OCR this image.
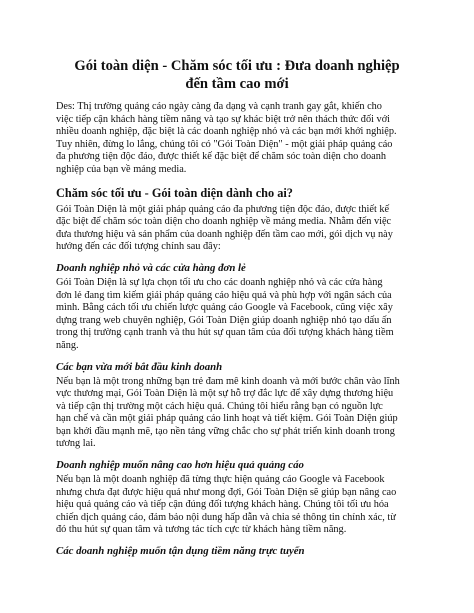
Gói toàn diện - Chăm sóc tối ưu : Đưa doanh nghiệp
đến tầm cao mới
Des: Thị trường quảng cáo ngày càng đa dạng và cạnh tranh gay gắt, khiến cho
việc tiếp cận khách hàng tiềm năng và tạo sự khác biệt trở nên thách thức đối với
nhiều doanh nghiệp, đặc biệt là các doanh nghiệp nhỏ và các bạn mới khởi nghiệp.
Tuy nhiên, đừng lo lắng, chúng tôi có "Gói Toàn Diện" - một giải pháp quảng cáo
đa phương tiện độc đáo, được thiết kế đặc biệt để chăm sóc toàn diện cho doanh
nghiệp của bạn về mảng media.
Chăm sóc tối ưu - Gói toàn diện dành cho ai?
Gói Toàn Diện là một giải pháp quảng cáo đa phương tiện độc đáo, được thiết kế
đặc biệt để chăm sóc toàn diện cho doanh nghiệp về mảng media. Nhằm đến việc
đưa thương hiệu và sản phẩm của doanh nghiệp đến tầm cao mới, gói dịch vụ này
hướng đến các đối tượng chính sau đây:
Doanh nghiệp nhỏ và các cửa hàng đơn lẻ
Gói Toàn Diện là sự lựa chọn tối ưu cho các doanh nghiệp nhỏ và các cửa hàng
đơn lẻ đang tìm kiếm giải pháp quảng cáo hiệu quả và phù hợp với ngân sách của
mình. Bằng cách tối ưu chiến lược quảng cáo Google và Facebook, cũng việc xây
dựng trang web chuyên nghiệp, Gói Toàn Diện giúp doanh nghiệp nhỏ tạo dấu ấn
trong thị trường cạnh tranh và thu hút sự quan tâm của đối tượng khách hàng tiềm
năng.
Các bạn vừa mới bắt đầu kinh doanh
Nếu bạn là một trong những bạn trẻ đam mê kinh doanh và mới bước chân vào lĩnh
vực thương mại, Gói Toàn Diện là một sự hỗ trợ đắc lực để xây dựng thương hiệu
và tiếp cận thị trường một cách hiệu quả. Chúng tôi hiểu rằng bạn có nguồn lực
hạn chế và cần một giải pháp quảng cáo linh hoạt và tiết kiệm. Gói Toàn Diện giúp
bạn khởi đầu mạnh mẽ, tạo nền tảng vững chắc cho sự phát triển kinh doanh trong
tương lai.
Doanh nghiệp muốn nâng cao hơn hiệu quả quảng cáo
Nếu bạn là một doanh nghiệp đã từng thực hiện quảng cáo Google và Facebook
nhưng chưa đạt được hiệu quả như mong đợi, Gói Toàn Diện sẽ giúp bạn nâng cao
hiệu quả quảng cáo và tiếp cận đúng đối tượng khách hàng. Chúng tôi tối ưu hóa
chiến dịch quảng cáo, đảm bảo nội dung hấp dẫn và chia sẻ thông tin chính xác, từ
đó thu hút sự quan tâm và tương tác tích cực từ khách hàng tiềm năng.
Các doanh nghiệp muốn tận dụng tiềm năng trực tuyến
